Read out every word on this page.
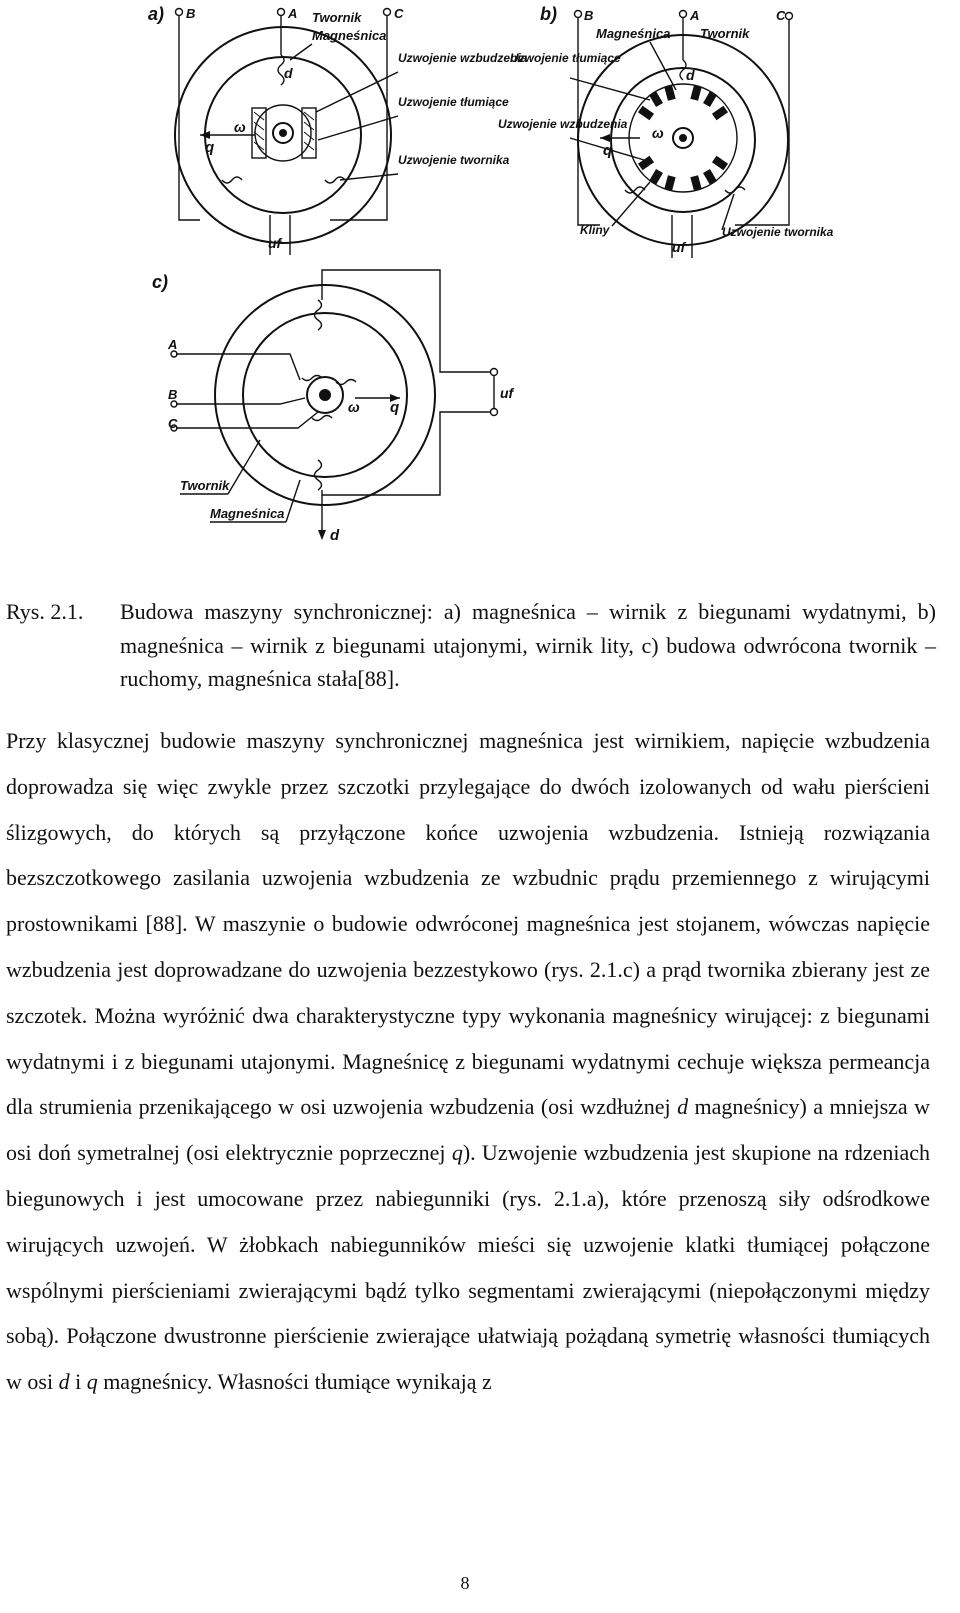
a) B	A	C
q
ω
d
uf
Twornik
Magneśnica
Uzwojenie wzbudzenia
Uzwojenie tłumiące
Uzwojenie twornika
b) B	A	C
q
ω
d
uf
Magneśnica Twornik
Uzwojenie tłumiące
Uzwojenie wzbudzenia
Kliny	Uzwojenie twornika
c)
uf
A
B
C
q
ω
d
Twornik
Magneśnica
Rys. 2.1. Budowa maszyny synchronicznej: a) magneśnica – wirnik z biegunami wydatnymi, b) magneśnica – wirnik z biegunami utajonymi, wirnik lity, c) budowa odwrócona twornik – ruchomy, magneśnica stała[88].
Przy klasycznej budowie maszyny synchronicznej magneśnica jest wirnikiem, napięcie wzbudzenia doprowadza się więc zwykle przez szczotki przylegające do dwóch izolowanych od wału pierścieni ślizgowych, do których są przyłączone końce uzwojenia wzbudzenia. Istnieją rozwiązania bezszczotkowego zasilania uzwojenia wzbudzenia ze wzbudnic prądu przemiennego z wirującymi prostownikami [88]. W maszynie o budowie odwróconej magneśnica jest stojanem, wówczas napięcie wzbudzenia jest doprowadzane do uzwojenia bezzestykowo (rys. 2.1.c) a prąd twornika zbierany jest ze szczotek. Można wyróżnić dwa charakterystyczne typy wykonania magneśnicy wirującej: z biegunami wydatnymi i z biegunami utajonymi. Magneśnicę z biegunami wydatnymi cechuje większa permeancja dla strumienia przenikającego w osi uzwojenia wzbudzenia (osi wzdłużnej d magneśnicy) a mniejsza w osi doń symetralnej (osi elektrycznie poprzecznej q). Uzwojenie wzbudzenia jest skupione na rdzeniach biegunowych i jest umocowane przez nabiegunniki (rys. 2.1.a), które przenoszą siły odśrodkowe wirujących uzwojeń. W żłobkach nabiegunników mieści się uzwojenie klatki tłumiącej połączone wspólnymi pierścieniami zwierającymi bądź tylko segmentami zwierającymi (niepołączonymi między sobą). Połączone dwustronne pierścienie zwierające ułatwiają pożądaną symetrię własności tłumiących w osi d i q magneśnicy. Własności tłumiące wynikają z
8
